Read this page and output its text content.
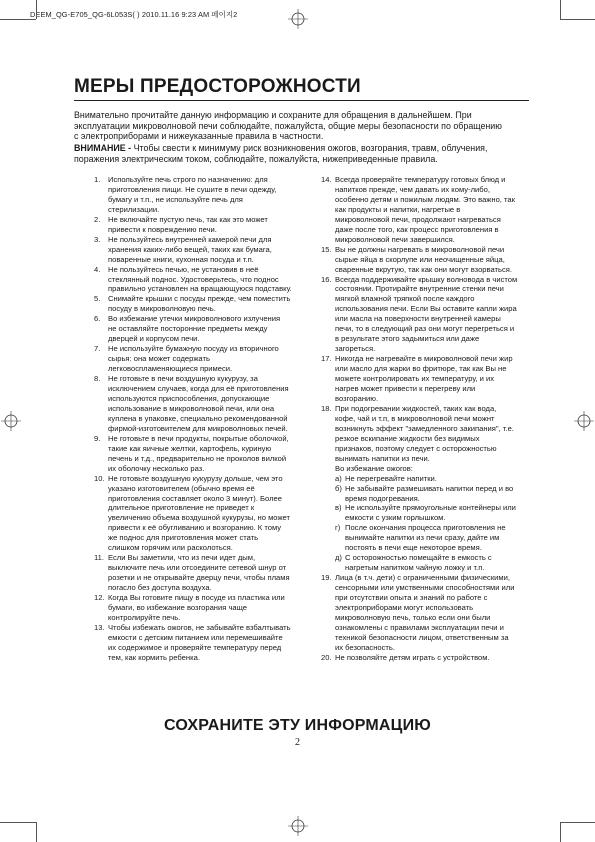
DEEM_QG-E705_QG-6L053S( ) 2010.11.16 9:23 AM 페이지2
МЕРЫ ПРЕДОСТОРОЖНОСТИ

Внимательно прочитайте данную информацию и сохраните для обращения в дальнейшем. При
эксплуатации микроволновой печи соблюдайте, пожалуйста, общие меры безопасности по обращению
с электроприборами и нижеуказанные правила в частности.

ВНИМАНИЕ - Чтобы свести к минимуму риск возникновения ожогов, возгорания, травм, облучения,
поражения электрическим током, соблюдайте, пожалуйста, нижеприведенные правила.

1. Используйте печь строго по назначению: для
приготовления пищи. Не сушите в печи одежду,
бумагу и т.п., не используйте печь для
стерилизации.
2. Не включайте пустую печь, так как это может
привести к повреждению печи.
3. Не пользуйтесь внутренней камерой печи для
хранения каких-либо вещей, таких как бумага,
поваренные книги, кухонная посуда и т.п.
4. Не пользуйтесь печью, не установив в неё
стеклянный поднос. Удостоверьтесь, что поднос
правильно установлен на вращающуюся подставку.
5. Снимайте крышки с посуды прежде, чем поместить
посуду в микроволновую печь.
6. Во избежание утечки микроволнового излучения
не оставляйте посторонние предметы между
дверцей и корпусом печи.
7. Не используйте бумажную посуду из вторичного
сырья: она может содержать
легковоспламеняющиеся примеси.
8. Не готовьте в печи воздушную кукурузу, за
исключением случаев, когда для её приготовления
используются приспособления, допускающие
использование в микроволновой печи, или она
куплена в упаковке, специально рекомендованной
фирмой-изготовителем для микроволновых печей.
9. Не готовьте в печи продукты, покрытые оболочкой,
такие как яичные желтки, картофель, куриную
печень и т.д., предварительно не проколов вилкой
их оболочку несколько раз.
10. Не готовьте воздушную кукурузу дольше, чем это
указано изготовителем (обычно время её
приготовления составляет около 3 минут). Более
длительное приготовление не приведет к
увеличению объема воздушной кукурузы, но может
привести к её обугливанию и возгоранию. К тому
же поднос для приготовления может стать
слишком горячим или расколоться.
11. Если Вы заметили, что из печи идет дым,
выключите печь или отсоедините сетевой шнур от
розетки и не открывайте дверцу печи, чтобы пламя
погасло без доступа воздуха.
12. Когда Вы готовите пищу в посуде из пластика или
бумаги, во избежание возгорания чаще
контролируйте печь.
13. Чтобы избежать ожогов, не забывайте взбалтывать
емкости с детским питанием или перемешивайте
их содержимое и проверяйте температуру перед
тем, как кормить ребенка.
14. Всегда проверяйте температуру готовых блюд и
напитков прежде, чем давать их кому-либо,
особенно детям и пожилым людям. Это важно, так
как продукты и напитки, нагретые в
микроволновой печи, продолжают нагреваться
даже после того, как процесс приготовления в
микроволновой печи завершился.
15. Вы не должны нагревать в микроволновой печи
сырые яйца в скорлупе или неочищенные яйца,
сваренные вкрутую, так как они могут взорваться.
16. Всегда поддерживайте крышку волновода в чистом
состоянии. Протирайте внутренние стенки печи
мягкой влажной тряпкой после каждого
использования печи. Если Вы оставите капли жира
или масла на поверхности внутренней камеры
печи, то в следующий раз они могут перегреться и
в результате этого задымиться или даже
загореться.
17. Никогда не нагревайте в микроволновой печи жир
или масло для жарки во фритюре, так как Вы не
можете контролировать их температуру, и их
нагрев может привести к перегреву или
возгоранию.
18. При подогревании жидкостей, таких как вода,
кофе, чай и т.п, в микроволновой печи можнт
возникнуть эффект "замедленного закипания", т.е.
резкое вскипание жидкости без видимых
признаков, поэтому следует с осторожностью
вынимать напитки из печи.
Во избежание ожогов:
а) Не перегревайте напитки.
б) Не забывайте размешивать напитки перед и во
время подогревания.
в) Не используйте прямоугольные контейнеры или
емкости с узким горлышком.
г) После окончания процесса приготовления не
вынимайте напитки из печи сразу, дайте им
постоять в печи еще некоторое время.
д) С осторожностью помещайте в емкость с
нагретым напитком чайную ложку и т.п.
19. Лица (в т.ч. дети) с ограниченными физическими,
сенсорными или умственными способностями или
при отсутствии опыта и знаний по работе с
электроприборами могут использовать
микроволновую печь, только если они были
ознакомлены с правилами эксплуатации печи и
техникой безопасности лицом, ответственным за
их безопасность.
20. Не позволяйте детям играть с устройством.
СОХРАНИТЕ ЭТУ ИНФОРМАЦИЮ
2
